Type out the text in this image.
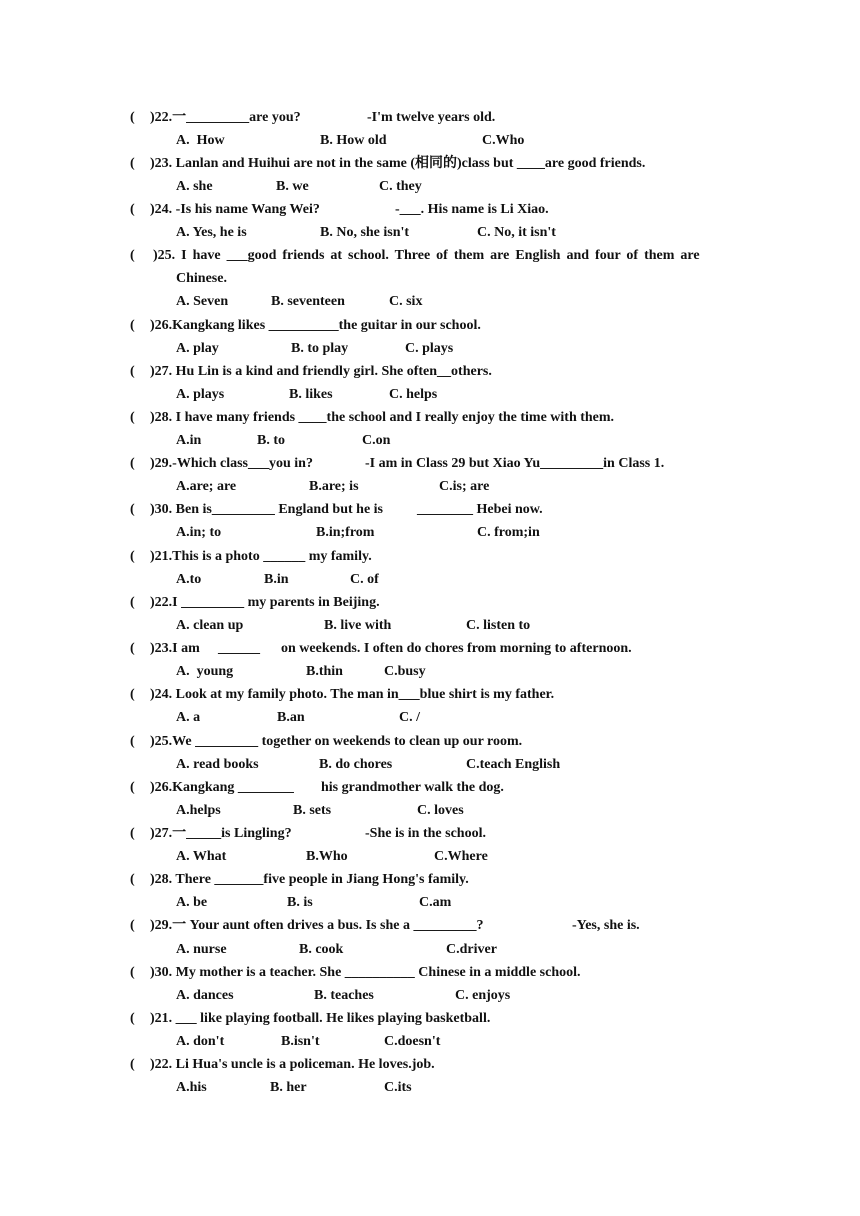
(

)22.一_________are you?

	-I'm twelve years old.

A.  How

	B. How old

	C.Who

(

)23. Lanlan and Huihui are not in the same (相同的)class but ____are good friends.

A. she

	B. we

	C. they

(

)24. -Is his name Wang Wei?

	-___. His name is Li Xiao.

A. Yes, he is

	B. No, she isn't

	C. No, it isn't

(

)25. I have ___good friends at school. Three of them are English and four of them are

Chinese.

A. Seven

	B. seventeen

	C. six

(

)26.Kangkang likes __________the guitar in our school.

A. play

	B. to play

	C. plays

(

)27. Hu Lin is a kind and friendly girl. She often__others.

A. plays

	B. likes

	C. helps

(

)28. I have many friends ____the school and I really enjoy the time with them.

A.in

	B. to

	C.on

(

)29.-Which class___you in?

	-I am in Class 29 but Xiao Yu_________in Class 1.

A.are; are

	B.are; is

	C.is; are

(

)30. Ben is_________ England but he is

________ Hebei now.

A.in; to

	B.in;from

	C. from;in

(

)21.This is a photo ______ my family.

A.to

	B.in

	C. of

(

)22.I _________ my parents in Beijing.

A. clean up

	B. live with

	C. listen to

(

)23.I am

______

on weekends. I often do chores from morning to afternoon.

A.  young

	B.thin

	C.busy

(

)24. Look at my family photo. The man in___blue shirt is my father.

A. a

	B.an

	C. /

(

)25.We _________ together on weekends to clean up our room.

A. read books

	B. do chores

	C.teach English

(

)26.Kangkang ________

his grandmother walk the dog.

A.helps

	B. sets

	C. loves

(

)27.一_____is Lingling?

	-She is in the school.

A. What

	B.Who

	C.Where

(

)28. There _______five people in Jiang Hong's family.

A. be

	B. is

	C.am

(

)29.一 Your aunt often drives a bus. Is she a _________?

	-Yes, she is.

A. nurse

	B. cook

	C.driver

(

)30. My mother is a teacher. She __________ Chinese in a middle school.

A. dances

	B. teaches

	C. enjoys

(

)21. ___ like playing football. He likes playing basketball.

A. don't

	B.isn't

	C.doesn't

(

)22. Li Hua's uncle is a policeman. He loves.job.

A.his

	B. her

	C.its
